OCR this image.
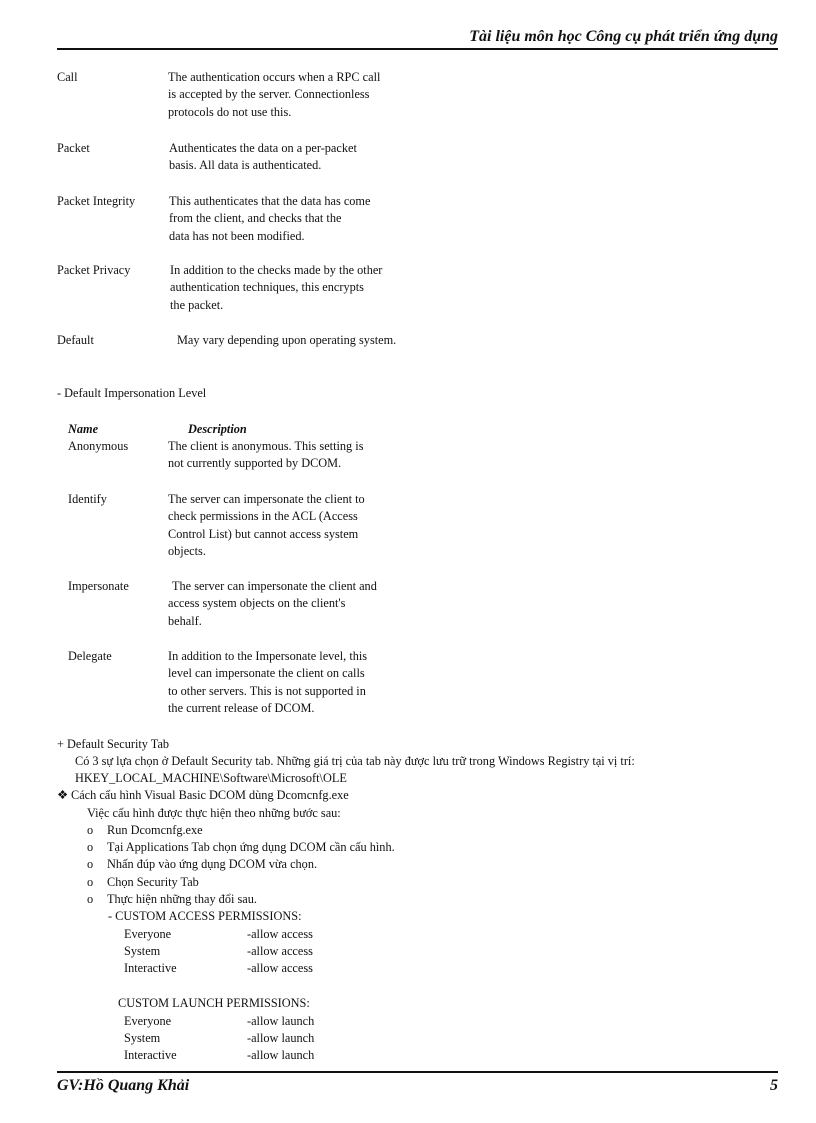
Tài liệu môn học Công cụ phát triển ứng dụng
Call	The authentication occurs when a RPC call
is accepted by the server. Connectionless
protocols do not use this.
Packet	Authenticates the data on a per-packet
basis. All data is authenticated.
Packet Integrity	This authenticates that the data has come
from the client, and checks that the
data has not been modified.
Packet Privacy	In addition to the checks made by the other
authentication techniques, this encrypts
the packet.
Default	May vary depending upon operating system.
- Default Impersonation Level
Name	Description
Anonymous	The client is anonymous. This setting is
not currently supported by DCOM.
Identify	The server can impersonate the client to
check permissions in the ACL (Access
Control List) but cannot access system
objects.
Impersonate	The server can impersonate the client and
access system objects on the client's
behalf.
Delegate	In addition to the Impersonate level, this
level can impersonate the client on calls
to other servers. This is not supported in
the current release of DCOM.
+ Default Security Tab
Có 3 sự lựa chọn ở Default Security tab. Những giá trị của tab này được lưu trữ trong Windows Registry tại vị trí:
HKEY_LOCAL_MACHINE\Software\Microsoft\OLE
❖ Cách cấu hình Visual Basic DCOM dùng Dcomcnfg.exe
Việc cấu hình được thực hiện theo những bước sau:
o Run Dcomcnfg.exe
o Tại Applications Tab chọn ứng dụng DCOM cần cấu hình.
o Nhấn đúp vào ứng dụng DCOM vừa chọn.
o Chọn Security Tab
o Thực hiện những thay đổi sau.
- CUSTOM ACCESS PERMISSIONS:
Everyone	-allow access
System	-allow access
Interactive	-allow access
CUSTOM LAUNCH PERMISSIONS:
Everyone	-allow launch
System	-allow launch
Interactive	-allow launch
GV:Hồ Quang Khải	5
